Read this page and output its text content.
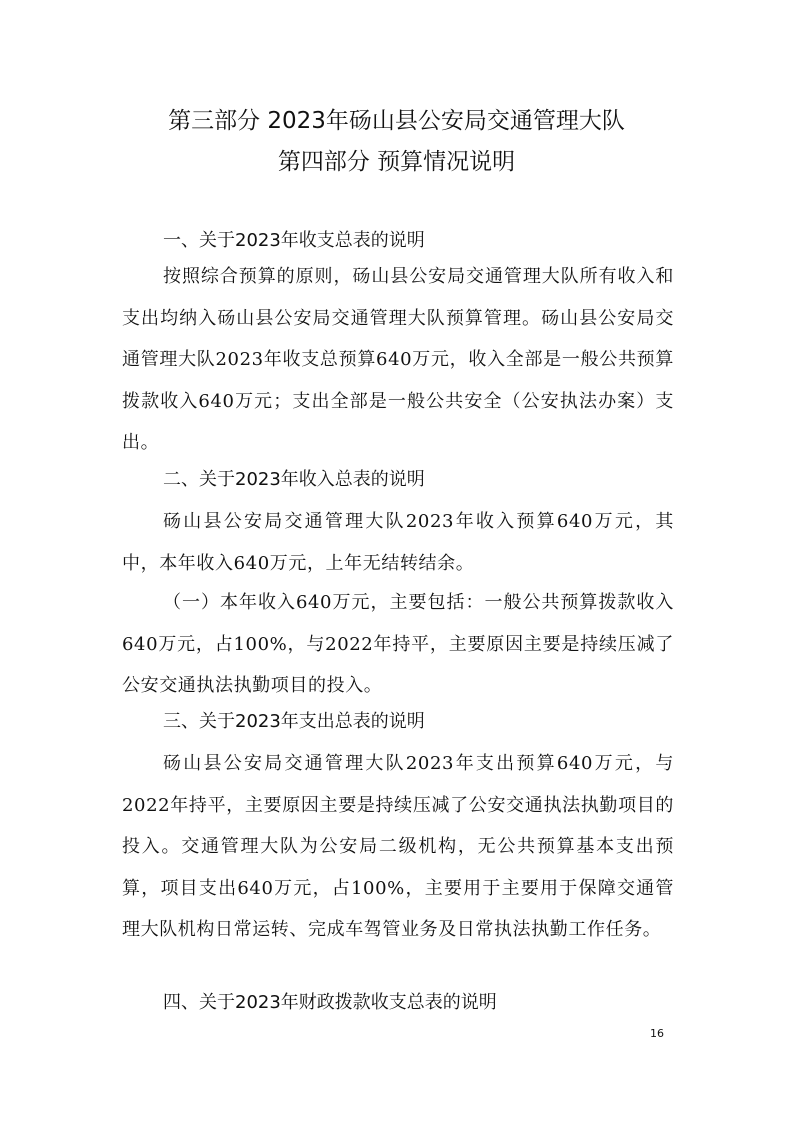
第三部分 2023年砀山县公安局交通管理大队
第四部分 预算情况说明
一、关于2023年收支总表的说明
按照综合预算的原则，砀山县公安局交通管理大队所有收入和支出均纳入砀山县公安局交通管理大队预算管理。砀山县公安局交通管理大队2023年收支总预算640万元，收入全部是一般公共预算拨款收入640万元；支出全部是一般公共安全（公安执法办案）支出。
二、关于2023年收入总表的说明
砀山县公安局交通管理大队2023年收入预算640万元，其中，本年收入640万元，上年无结转结余。
（一）本年收入640万元，主要包括：一般公共预算拨款收入640万元，占100%，与2022年持平，主要原因主要是持续压减了公安交通执法执勤项目的投入。
三、关于2023年支出总表的说明
砀山县公安局交通管理大队2023年支出预算640万元，与2022年持平，主要原因主要是持续压减了公安交通执法执勤项目的投入。交通管理大队为公安局二级机构，无公共预算基本支出预算，项目支出640万元，占100%，主要用于主要用于保障交通管理大队机构日常运转、完成车驾管业务及日常执法执勤工作任务。
四、关于2023年财政拨款收支总表的说明
16
